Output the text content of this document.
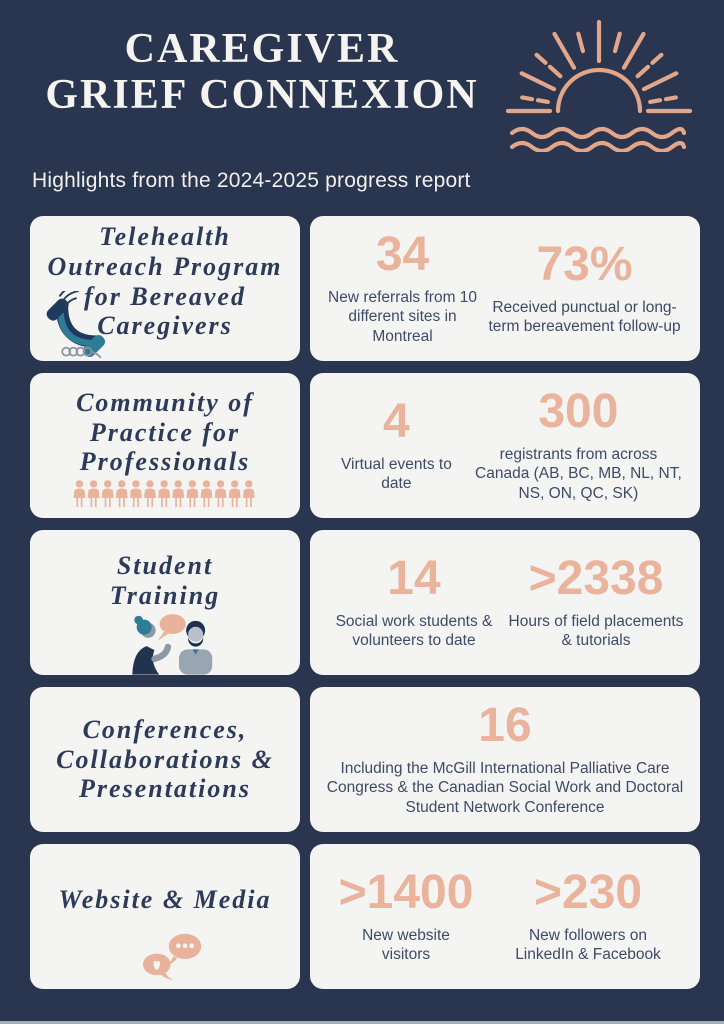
CAREGIVER
GRIEF CONNEXION
Highlights from the 2024-2025 progress report
Telehealth Outreach Program for Bereaved Caregivers
34
New referrals from 10 different sites in Montreal
73%
Received punctual or long-term bereavement follow-up
Community of Practice for Professionals
4
Virtual events to date
300
registrants from across Canada (AB, BC, MB, NL, NT, NS, ON, QC, SK)
Student Training	14
Social work students & volunteers to date
>2338
Hours of field placements & tutorials
Conferences, Collaborations & Presentations
16
Including the McGill International Palliative Care Congress & the Canadian Social Work and Doctoral Student Network Conference
Website & Media >1400
New website visitors
>230
New followers on LinkedIn & Facebook
